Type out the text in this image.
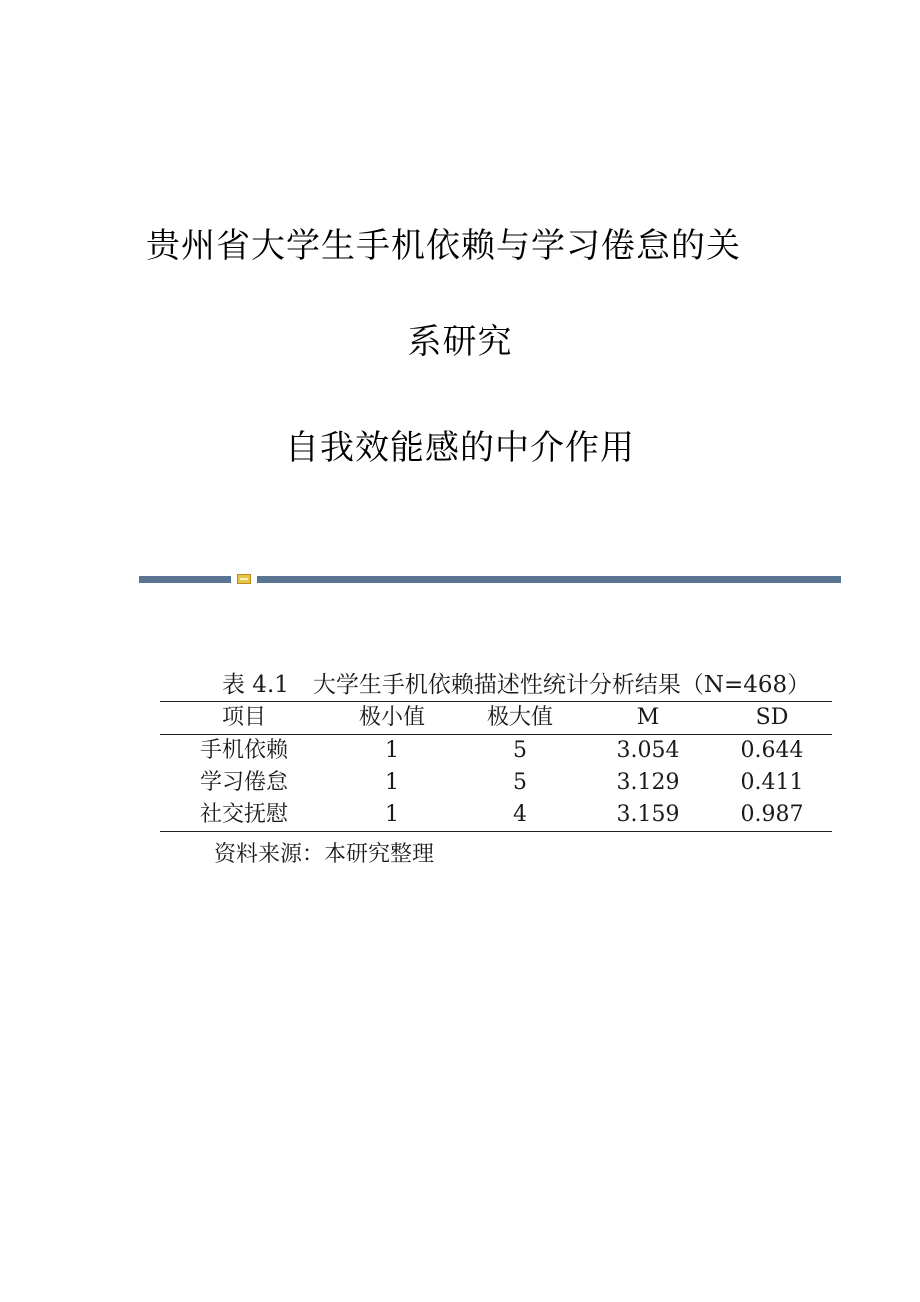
贵州省大学生手机依赖与学习倦怠的关
系研究
自我效能感的中介作用
表 4.1 大学生手机依赖描述性统计分析结果（N=468）
项目	极小值	极大值	M	SD
手机依赖	1	5	3.054	0.644
学习倦怠	1	5	3.129	0.411
社交抚慰	1	4	3.159	0.987
资料来源：本研究整理
